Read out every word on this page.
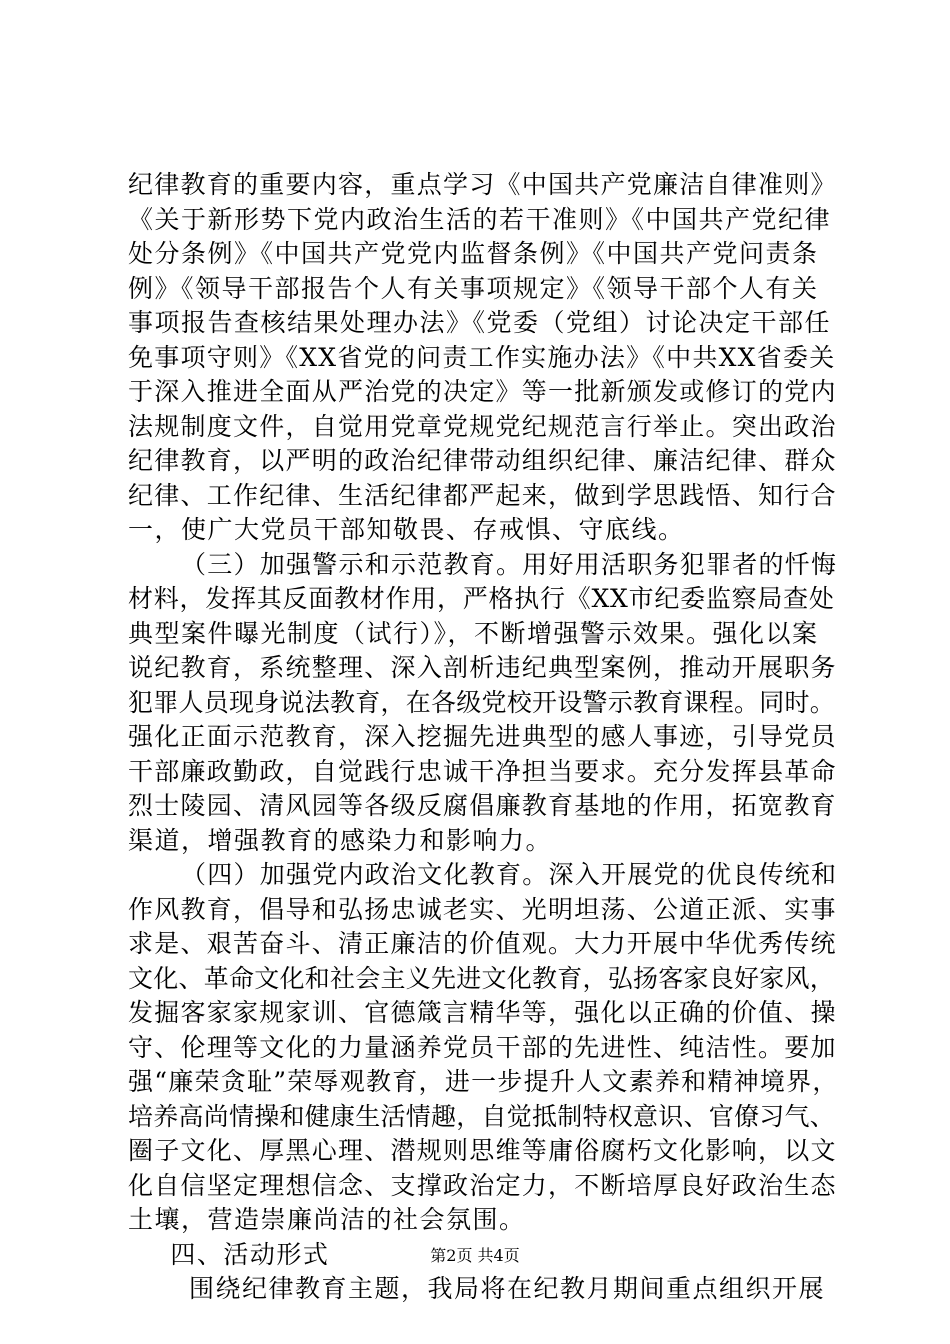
纪律教育的重要内容，重点学习《中国共产党廉洁自律准则》
《关于新形势下党内政治生活的若干准则》《中国共产党纪律
处分条例》《中国共产党党内监督条例》《中国共产党问责条
例》《领导干部报告个人有关事项规定》《领导干部个人有关
事项报告查核结果处理办法》《党委（党组）讨论决定干部任
免事项守则》《XX省党的问责工作实施办法》《中共XX省委关
于深入推进全面从严治党的决定》等一批新颁发或修订的党内
法规制度文件，自觉用党章党规党纪规范言行举止。突出政治
纪律教育，以严明的政治纪律带动组织纪律、廉洁纪律、群众
纪律、工作纪律、生活纪律都严起来，做到学思践悟、知行合
一，使广大党员干部知敬畏、存戒惧、守底线。
（三）加强警示和示范教育。用好用活职务犯罪者的忏悔
材料，发挥其反面教材作用，严格执行《XX市纪委监察局查处
典型案件曝光制度（试行）》，不断增强警示效果。强化以案
说纪教育，系统整理、深入剖析违纪典型案例，推动开展职务
犯罪人员现身说法教育，在各级党校开设警示教育课程。同时。
强化正面示范教育，深入挖掘先进典型的感人事迹，引导党员
干部廉政勤政，自觉践行忠诚干净担当要求。充分发挥县革命
烈士陵园、清风园等各级反腐倡廉教育基地的作用，拓宽教育
渠道，增强教育的感染力和影响力。
（四）加强党内政治文化教育。深入开展党的优良传统和
作风教育，倡导和弘扬忠诚老实、光明坦荡、公道正派、实事
求是、艰苦奋斗、清正廉洁的价值观。大力开展中华优秀传统
文化、革命文化和社会主义先进文化教育，弘扬客家良好家风，
发掘客家家规家训、官德箴言精华等，强化以正确的价值、操
守、伦理等文化的力量涵养党员干部的先进性、纯洁性。要加
强“廉荣贪耻”荣辱观教育，进一步提升人文素养和精神境界，
培养高尚情操和健康生活情趣，自觉抵制特权意识、官僚习气、
圈子文化、厚黑心理、潜规则思维等庸俗腐朽文化影响，以文
化自信坚定理想信念、支撑政治定力，不断培厚良好政治生态
土壤，营造崇廉尚洁的社会氛围。
四、活动形式
围绕纪律教育主题，我局将在纪教月期间重点组织开展
第2页 共4页
